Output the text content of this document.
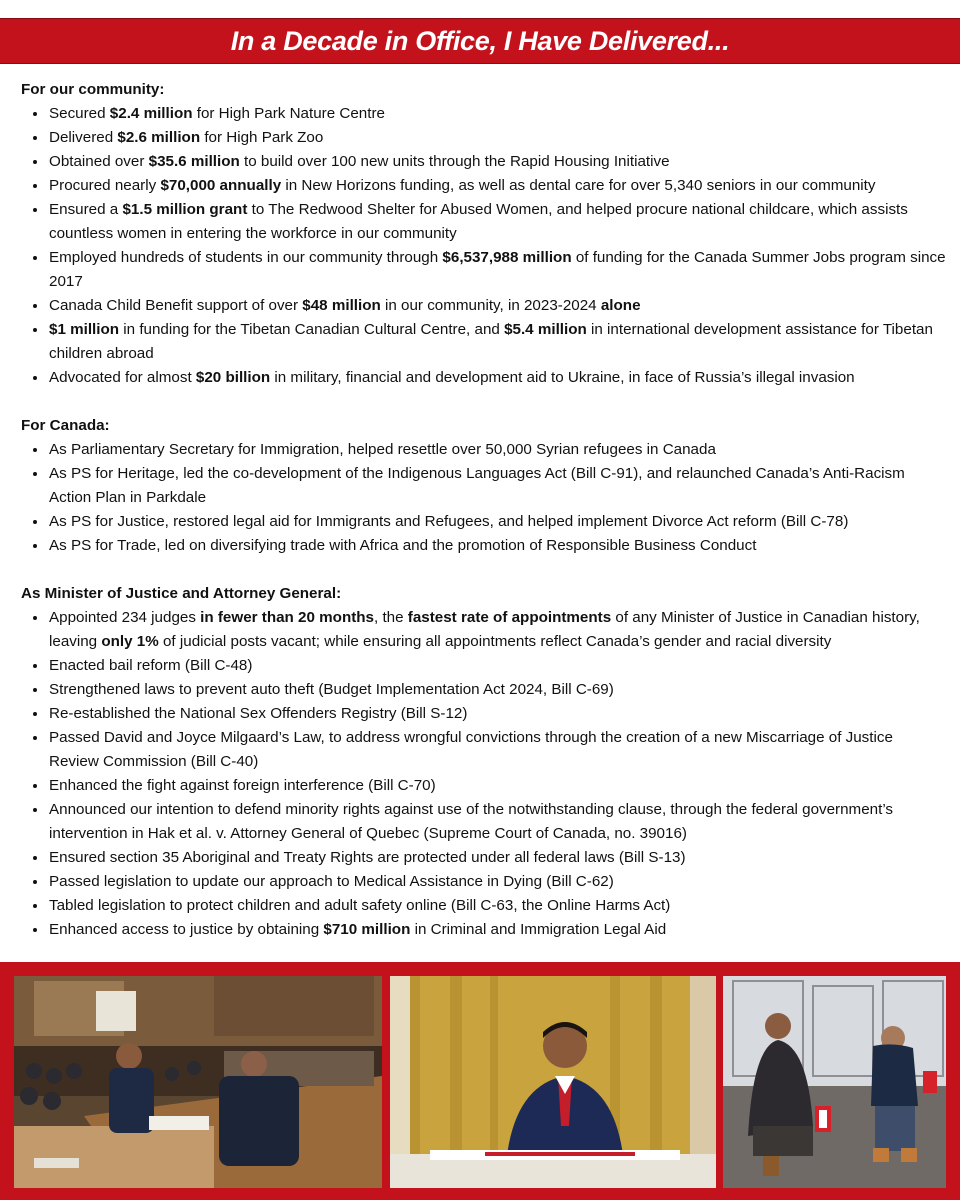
In a Decade in Office, I Have Delivered...
For our community:
• Secured $2.4 million for High Park Nature Centre
• Delivered $2.6 million for High Park Zoo
• Obtained over $35.6 million to build over 100 new units through the Rapid Housing Initiative
• Procured nearly $70,000 annually in New Horizons funding, as well as dental care for over 5,340 seniors in our community
• Ensured a $1.5 million grant to The Redwood Shelter for Abused Women, and helped procure national childcare, which assists countless women in entering the workforce in our community
• Employed hundreds of students in our community through $6,537,988 million of funding for the Canada Summer Jobs program since 2017
• Canada Child Benefit support of over $48 million in our community, in 2023-2024 alone
• $1 million in funding for the Tibetan Canadian Cultural Centre, and $5.4 million in international development assistance for Tibetan children abroad
• Advocated for almost $20 billion in military, financial and development aid to Ukraine, in face of Russia’s illegal invasion
For Canada:
• As Parliamentary Secretary for Immigration, helped resettle over 50,000 Syrian refugees in Canada
• As PS for Heritage, led the co-development of the Indigenous Languages Act (Bill C-91), and relaunched Canada’s Anti-Racism Action Plan in Parkdale
• As PS for Justice, restored legal aid for Immigrants and Refugees, and helped implement Divorce Act reform (Bill C-78)
• As PS for Trade, led on diversifying trade with Africa and the promotion of Responsible Business Conduct
As Minister of Justice and Attorney General:
• Appointed 234 judges in fewer than 20 months, the fastest rate of appointments of any Minister of Justice in Canadian history, leaving only 1% of judicial posts vacant; while ensuring all appointments reflect Canada’s gender and racial diversity
• Enacted bail reform (Bill C-48)
• Strengthened laws to prevent auto theft (Budget Implementation Act 2024, Bill C-69)
• Re-established the National Sex Offenders Registry (Bill S-12)
• Passed David and Joyce Milgaard’s Law, to address wrongful convictions through the creation of a new Miscarriage of Justice Review Commission (Bill C-40)
• Enhanced the fight against foreign interference (Bill C-70)
• Announced our intention to defend minority rights against use of the notwithstanding clause, through the federal government’s intervention in Hak et al. v. Attorney General of Quebec (Supreme Court of Canada, no. 39016)
• Ensured section 35 Aboriginal and Treaty Rights are protected under all federal laws (Bill S-13)
• Passed legislation to update our approach to Medical Assistance in Dying (Bill C-62)
• Tabled legislation to protect children and adult safety online (Bill C-63, the Online Harms Act)
• Enhanced access to justice by obtaining $710 million in Criminal and Immigration Legal Aid
